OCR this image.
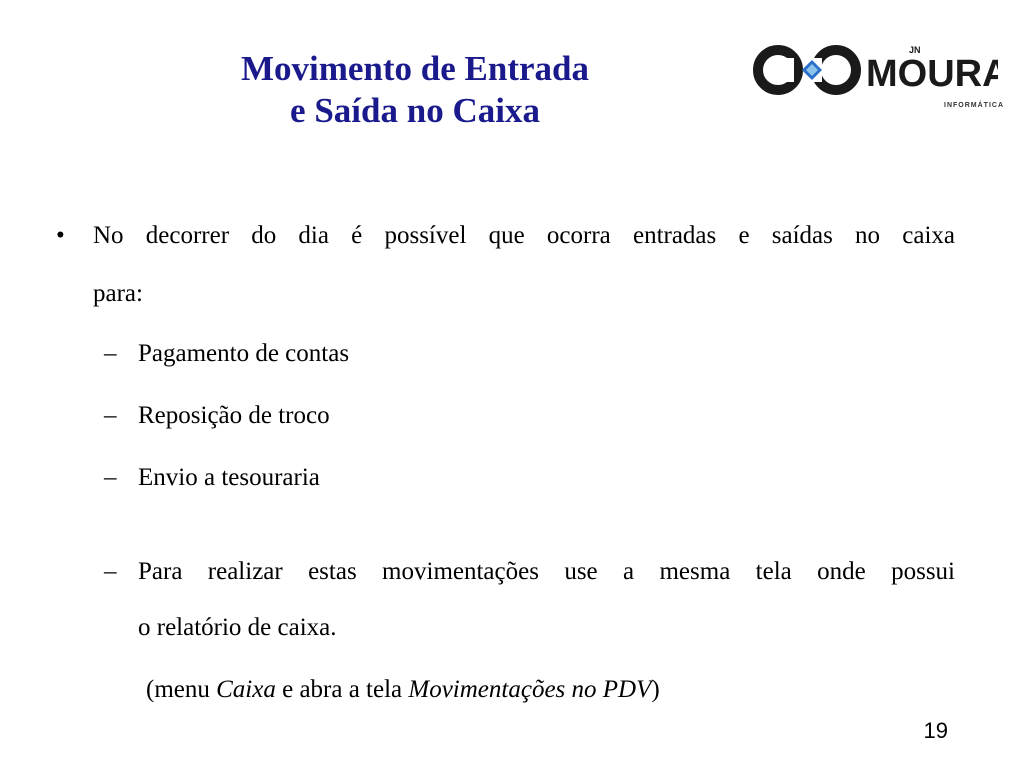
Movimento de Entrada
e Saída no Caixa
MOURA
JN
INFORMÁTICA
• No decorrer do dia é possível que ocorra entradas e saídas no caixa
para:
– Pagamento de contas
– Reposição de troco
– Envio a tesouraria
– Para realizar estas movimentações use a mesma tela onde possui
o relatório de caixa.
(menu Caixa e abra a tela Movimentações no PDV)
19
